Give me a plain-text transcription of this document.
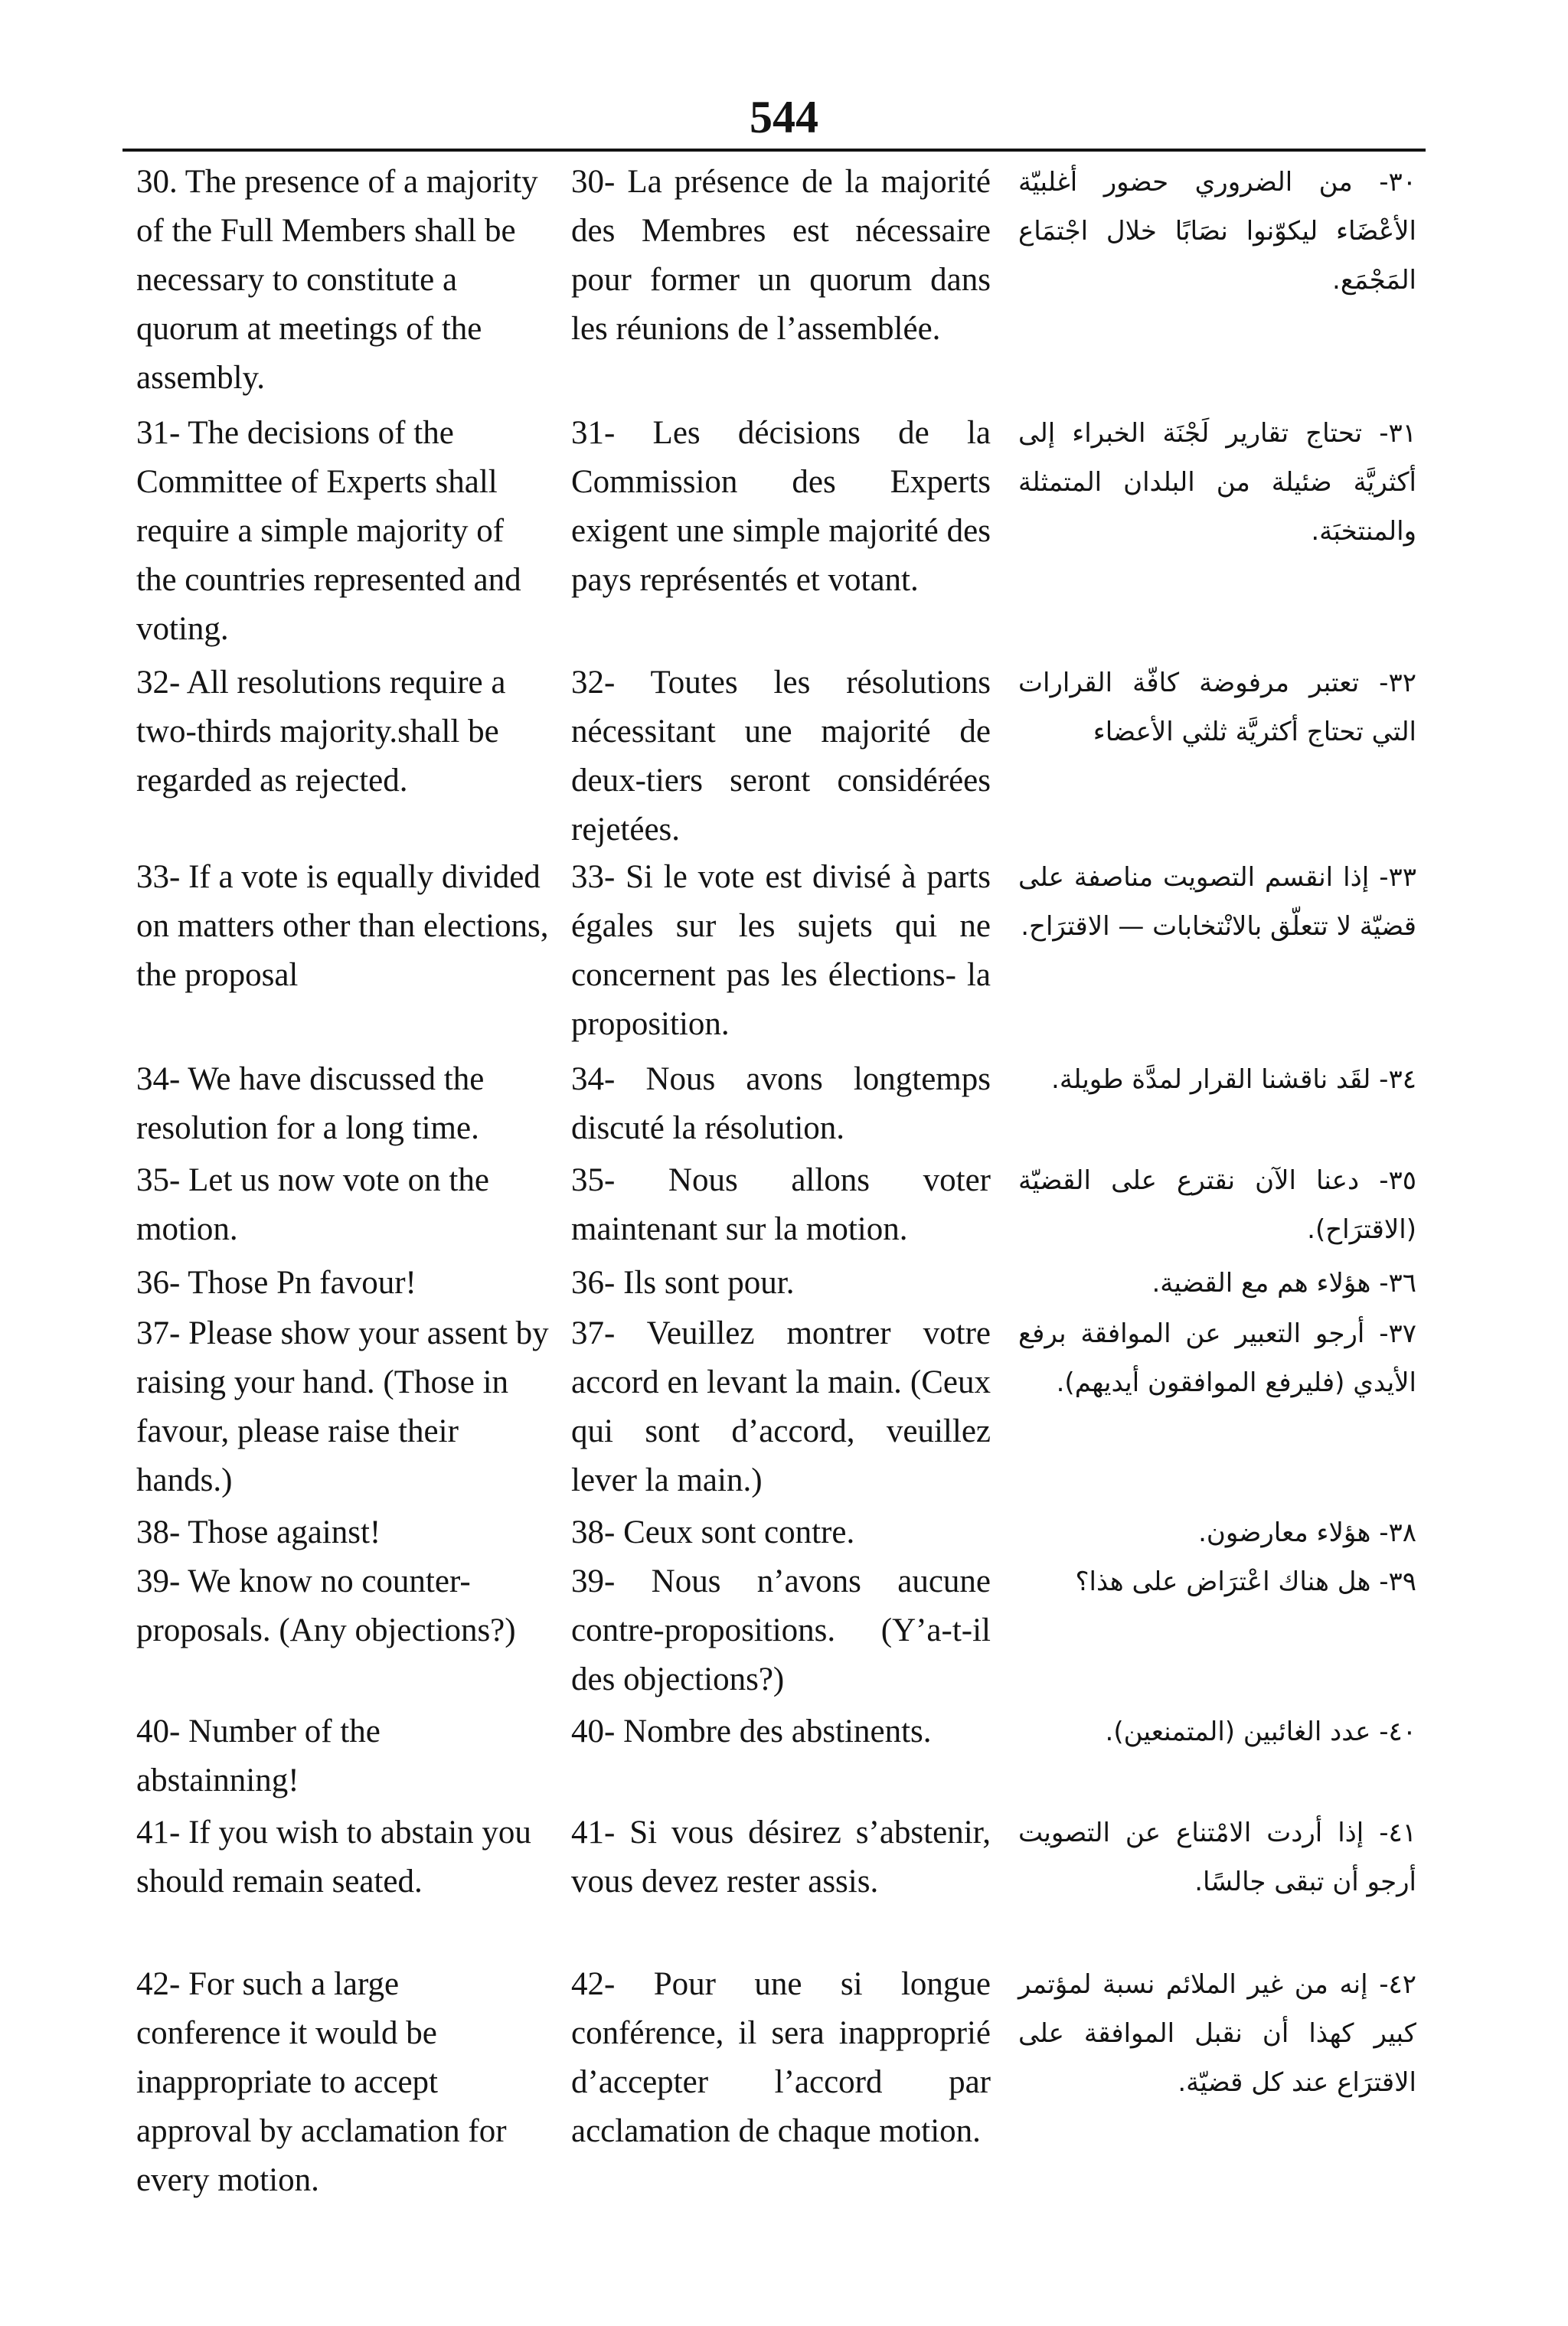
544
30. The presence of a majority of the Full Members shall be necessary to constitute a quorum at meetings of the assembly.
30- La présence de la majorité des Membres est nécessaire pour former un quorum dans les réunions de l’assemblée.
٣٠- من الضروري حضور أغلبيّة الأعْضَاء ليكوّنوا نصَابًا خلال اجْتمَاع المَجْمَع.
31- The decisions of the Committee of Experts shall require a simple majority of the countries represented and voting.
31- Les décisions de la Commission des Experts exigent une simple majorité des pays représentés et votant.
٣١- تحتاج تقارير لَجْنَة الخبراء إلى أكثريَّة ضئيلة من البلدان المتمثلة والمنتخبَة.
32- All resolutions require a two-thirds majority.shall be regarded as rejected.
32- Toutes les résolutions nécessitant une majorité de deux-tiers seront considérées rejetées.
٣٢- تعتبر مرفوضة كافّة القرارات التي تحتاج أكثريَّة ثلثي الأعضاء
33- If a vote is equally divided on matters other than elections, the proposal
33- Si le vote est divisé à parts égales sur les sujets qui ne concernent pas les élections- la proposition.
٣٣- إذا انقسم التصويت مناصفة على قضيّة لا تتعلّق بالانْتخابات — الاقترَاح.
34- We have discussed the resolution for a long time.
34- Nous avons longtemps discuté la résolution.
٣٤- لقَد ناقشنا القرار لمدَّة طويلة.
35- Let us now vote on the motion.
35- Nous allons voter maintenant sur la motion.
٣٥- دعنا الآن نقترع على القضيّة (الاقترَاح).
36- Those Pn favour!	36- Ils sont pour.	٣٦- هؤلاء هم مع القضية.
37- Please show your assent by raising your hand. (Those in favour, please raise their hands.)
37- Veuillez montrer votre accord en levant la main. (Ceux qui sont d’accord, veuillez lever la main.)
٣٧- أرجو التعبير عن الموافقة برفع الأيدي (فليرفع الموافقون أيديهم).
38- Those against!	38- Ceux sont contre.	٣٨- هؤلاء معارضون.
39- We know no counter-proposals. (Any objections?)
39- Nous n’avons aucune contre-propositions. (Y’a-t-il des objections?)
٣٩- هل هناك اعْترَاض على هذا؟
40- Number of the abstainning!
40- Nombre des abstinents.	٤٠- عدد الغائبين (المتمنعين).
41- If you wish to abstain you should remain seated.
41- Si vous désirez s’abstenir, vous devez rester assis.
٤١- إذا أردت الامْتناع عن التصويت أرجو أن تبقى جالسًا.
42- For such a large conference it would be inappropriate to accept approval by acclamation for every motion.
42- Pour une si longue conférence, il sera inapproprié d’accepter l’accord par acclamation de chaque motion.
٤٢- إنه من غير الملائم نسبة لمؤتمر كبير كهذا أن نقبل الموافقة على الاقترَاع عند كل قضيّة.
